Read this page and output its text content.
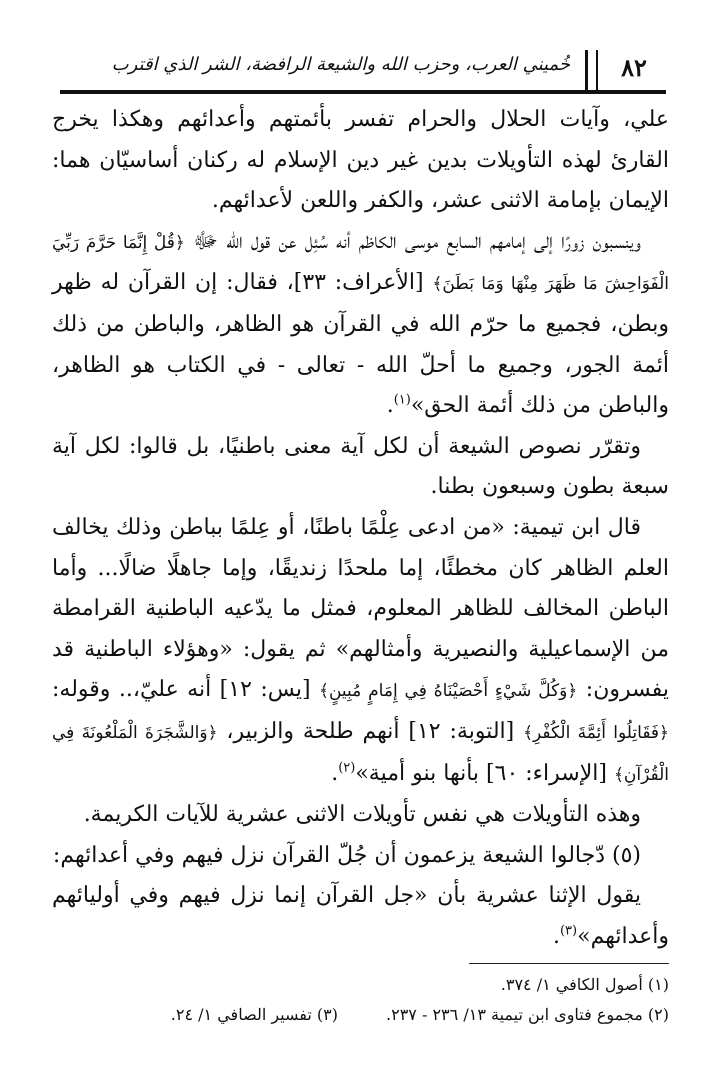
٨٢
خُميني العرب، وحزب الله والشيعة الرافضة، الشر الذي اقترب

علي، وآيات الحلال والحرام تفسر بأئمتهم وأعدائهم وهكذا يخرج القارئ لهذه التأويلات بدين غير دين الإسلام له ركنان أساسيّان هما: الإيمان بإمامة الاثنى عشر، والكفر واللعن لأعدائهم.

وينسبون زورًا إلى إمامهم السابع موسى الكاظم أنه سُئِل عن قول الله ﷻ ﴿قُلْ إِنَّمَا حَرَّمَ رَبِّيَ الْفَوَاحِشَ مَا ظَهَرَ مِنْهَا وَمَا بَطَنَ﴾ [الأعراف: ٣٣]، فقال: إن القرآن له ظهر وبطن، فجميع ما حرّم الله في القرآن هو الظاهر، والباطن من ذلك أئمة الجور، وجميع ما أحلّ الله - تعالى - في الكتاب هو الظاهر، والباطن من ذلك أئمة الحق»$^{(١)}$.

وتقرّر نصوص الشيعة أن لكل آية معنى باطنيًا، بل قالوا: لكل آية سبعة بطون وسبعون بطنا.

قال ابن تيمية: «من ادعى عِلْمًا باطنًا، أو عِلمًا بباطن وذلك يخالف العلم الظاهر كان مخطئًا، إما ملحدًا زنديقًا، وإما جاهلًا ضالًا... وأما الباطن المخالف للظاهر المعلوم، فمثل ما يدّعيه الباطنية القرامطة من الإسماعيلية والنصيرية وأمثالهم» ثم يقول: «وهؤلاء الباطنية قد يفسرون: ﴿وَكُلَّ شَيْءٍ أَحْصَيْنَاهُ فِي إِمَامٍ مُبِينٍ﴾ [يس: ١٢] أنه عليّ،.. وقوله: ﴿فَقَاتِلُوا أَئِمَّةَ الْكُفْرِ﴾ [التوبة: ١٢] أنهم طلحة والزبير، ﴿وَالشَّجَرَةَ الْمَلْعُونَةَ فِي الْقُرْآنِ﴾ [الإسراء: ٦٠] بأنها بنو أمية»$^{(٢)}$.

وهذه التأويلات هي نفس تأويلات الاثنى عشرية للآيات الكريمة.

(٥) دّجالوا الشيعة يزعمون أن جُلّ القرآن نزل فيهم وفي أعدائهم:

يقول الإثنا عشرية بأن «جل القرآن إنما نزل فيهم وفي أوليائهم وأعدائهم»$^{(٣)}$.

(١) أصول الكافي ١/ ٣٧٤.
(٢) مجموع فتاوى ابن تيمية ١٣/ ٢٣٦ - ٢٣٧.
(٣) تفسير الصافي ١/ ٢٤.
